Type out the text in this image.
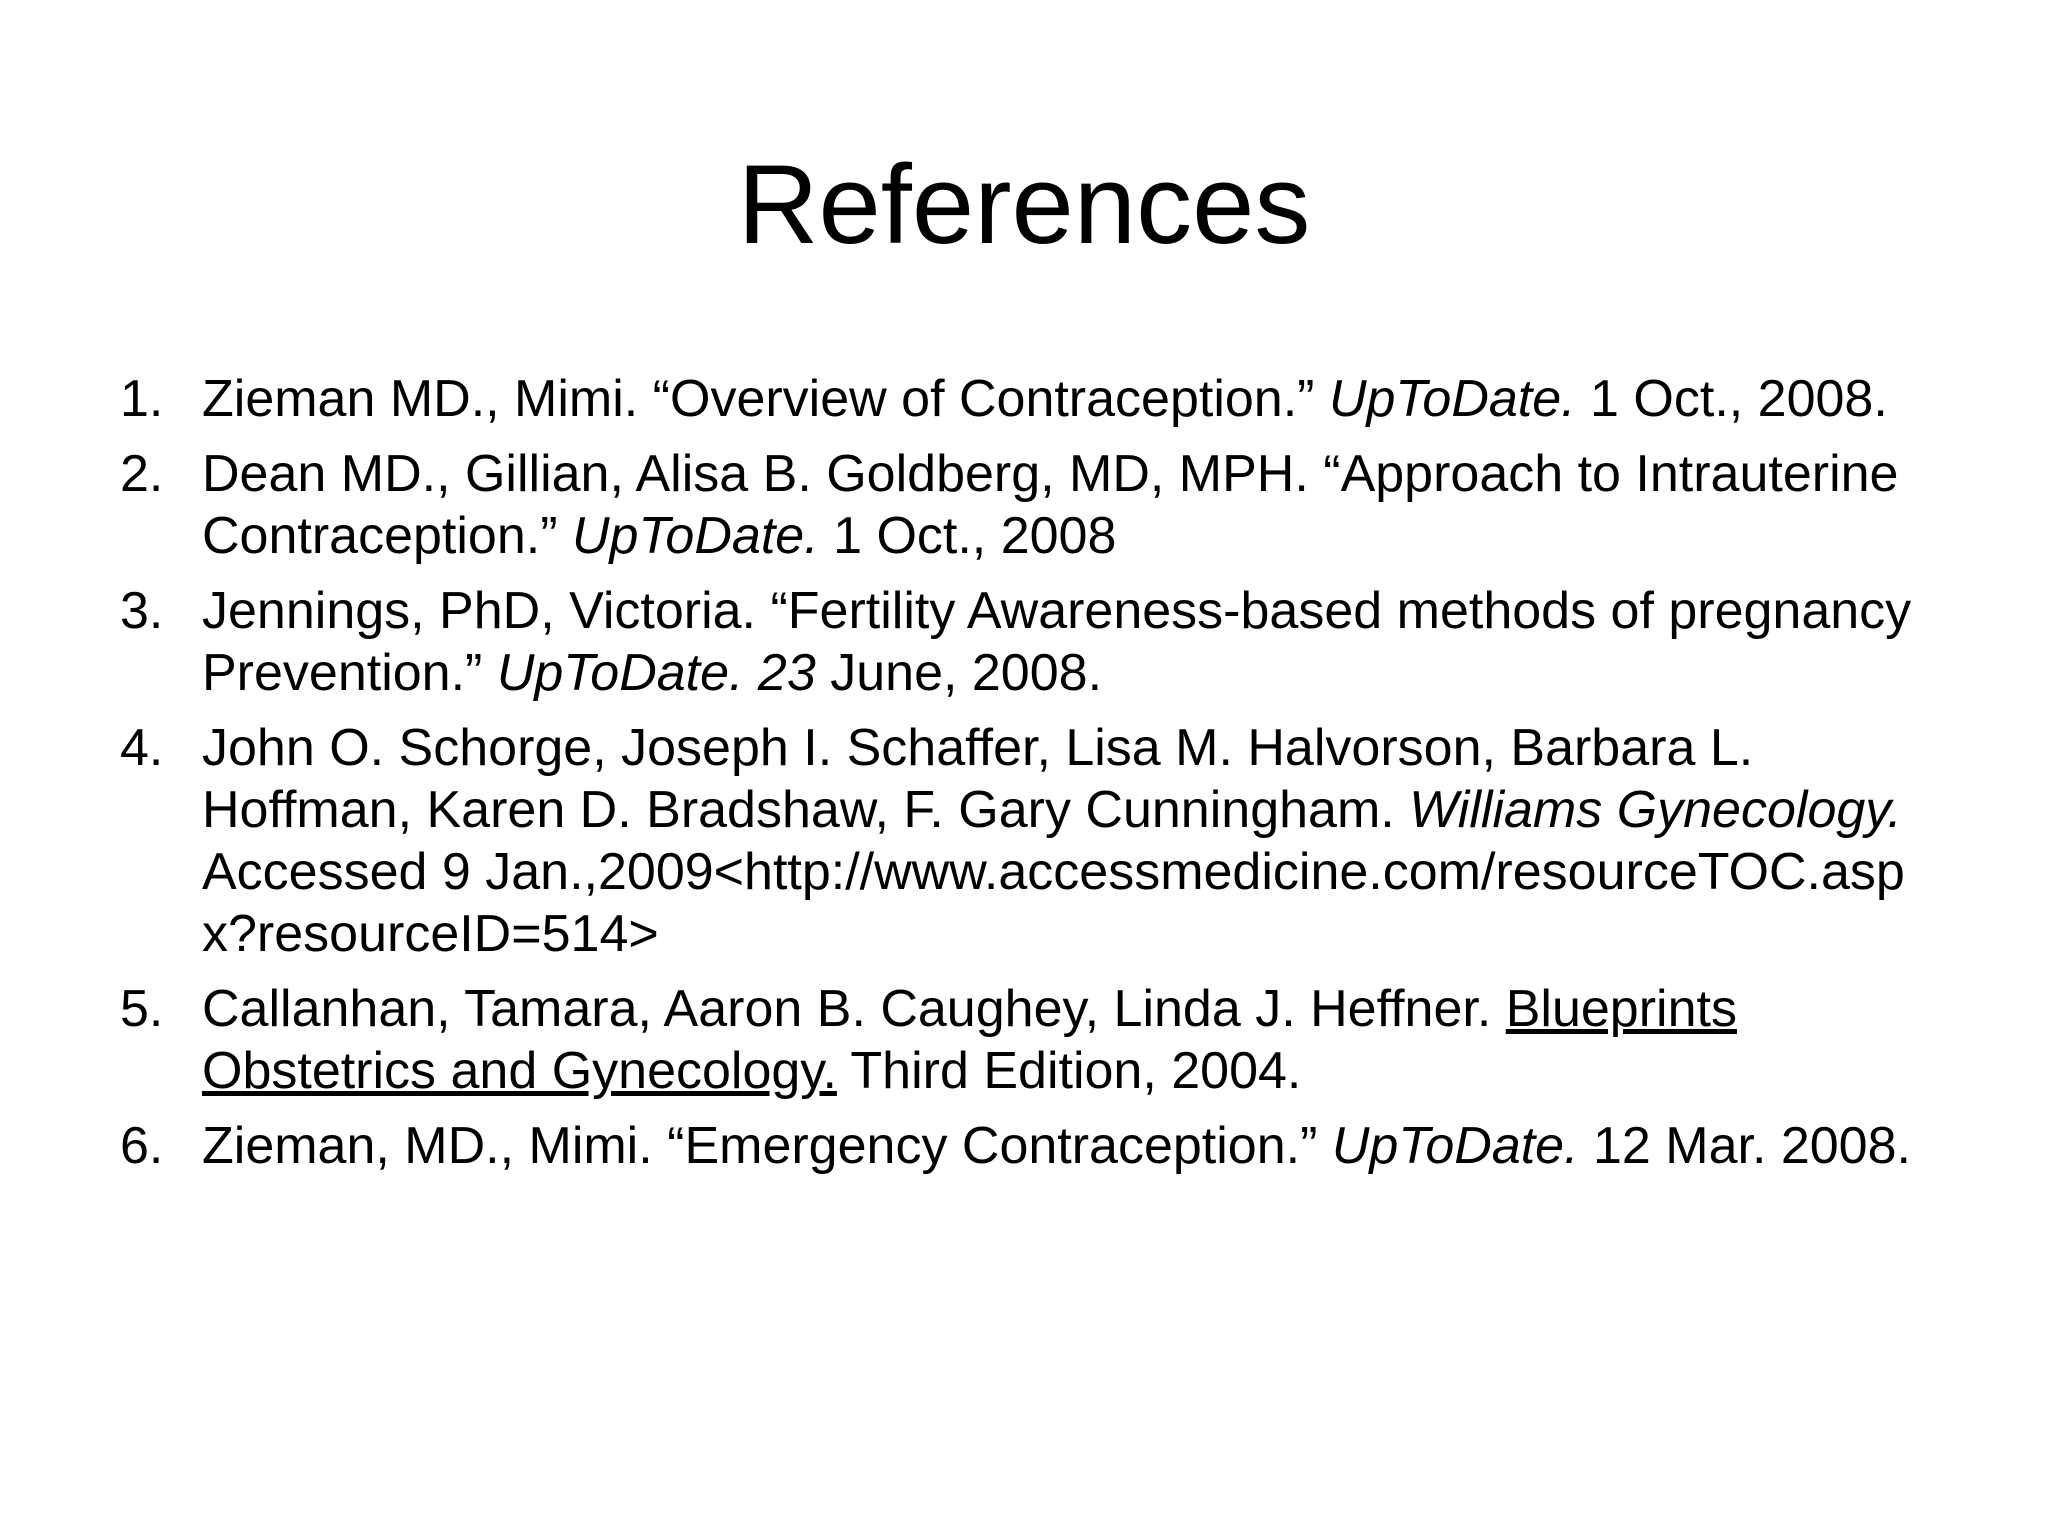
References
1. Zieman MD., Mimi. “Overview of Contraception.” UpToDate. 1 Oct., 2008.
2. Dean MD., Gillian, Alisa B. Goldberg, MD, MPH. “Approach to Intrauterine Contraception.” UpToDate. 1 Oct., 2008
3. Jennings, PhD, Victoria. “Fertility Awareness-based methods of pregnancy Prevention.” UpToDate. 23 June, 2008.
4. John O. Schorge, Joseph I. Schaffer, Lisa M. Halvorson, Barbara L. Hoffman, Karen D. Bradshaw, F. Gary Cunningham. Williams Gynecology. Accessed 9 Jan.,2009<http://www.accessmedicine.com/resourceTOC.aspx?resourceID=514>
5. Callanhan, Tamara, Aaron B. Caughey, Linda J. Heffner. Blueprints Obstetrics and Gynecology. Third Edition, 2004.
6. Zieman, MD., Mimi. “Emergency Contraception.” UpToDate. 12 Mar. 2008.
